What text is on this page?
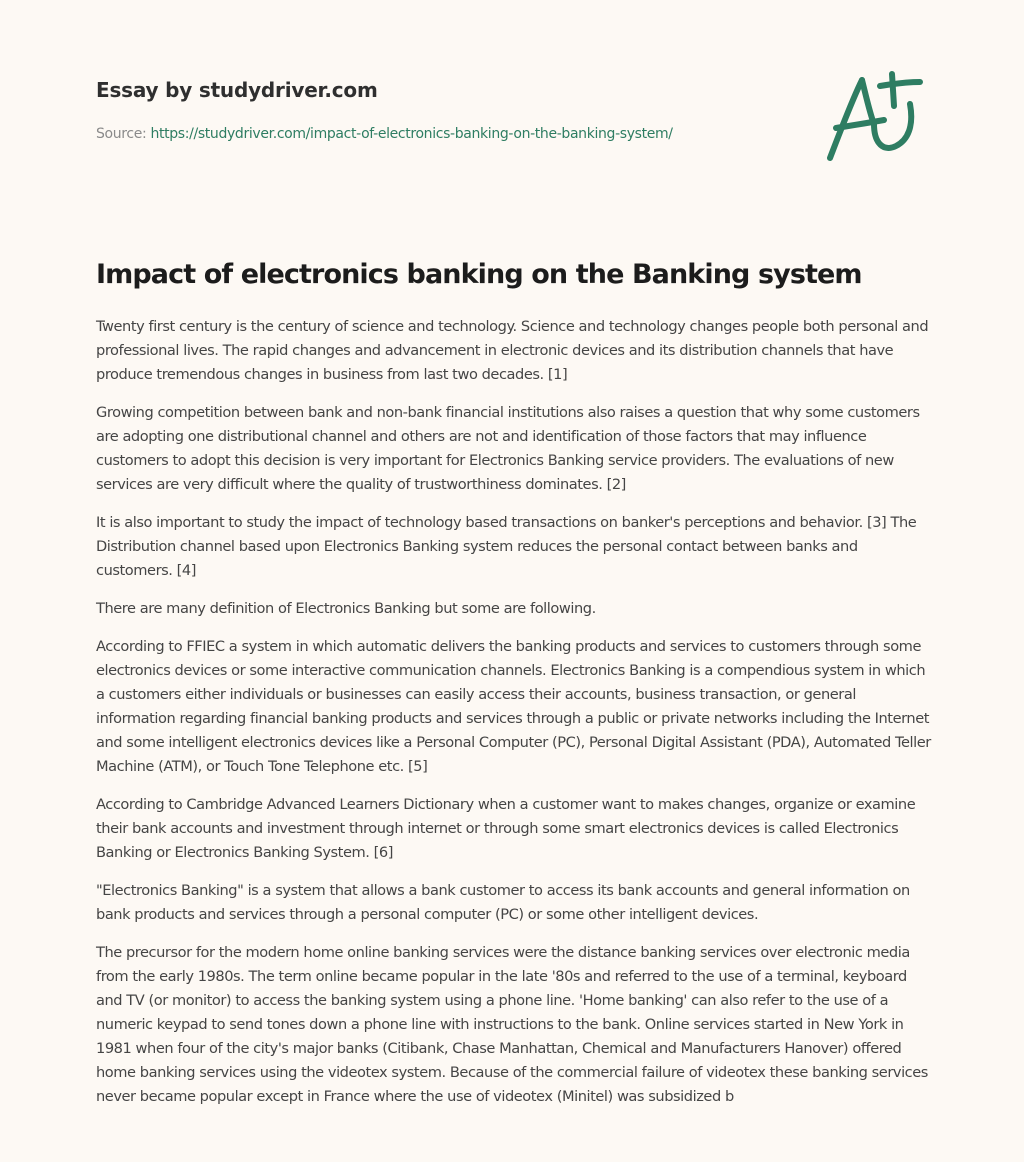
Essay by studydriver.com
Source: https://studydriver.com/impact-of-electronics-banking-on-the-banking-system/
Impact of electronics banking on the Banking system

Twenty first century is the century of science and technology. Science and technology changes people both personal and professional lives. The rapid changes and advancement in electronic devices and its distribution channels that have produce tremendous changes in business from last two decades. [1]

Growing competition between bank and non-bank financial institutions also raises a question that why some customers are adopting one distributional channel and others are not and identification of those factors that may influence customers to adopt this decision is very important for Electronics Banking service providers. The evaluations of new services are very difficult where the quality of trustworthiness dominates. [2]

It is also important to study the impact of technology based transactions on banker's perceptions and behavior. [3] The Distribution channel based upon Electronics Banking system reduces the personal contact between banks and customers. [4]

There are many definition of Electronics Banking but some are following.

According to FFIEC a system in which automatic delivers the banking products and services to customers through some electronics devices or some interactive communication channels. Electronics Banking is a compendious system in which a customers either individuals or businesses can easily access their accounts, business transaction, or general information regarding financial banking products and services through a public or private networks including the Internet and some intelligent electronics devices like a Personal Computer (PC), Personal Digital Assistant (PDA), Automated Teller Machine (ATM), or Touch Tone Telephone etc. [5]

According to Cambridge Advanced Learners Dictionary when a customer want to makes changes, organize or examine their bank accounts and investment through internet or through some smart electronics devices is called Electronics Banking or Electronics Banking System. [6]

"Electronics Banking" is a system that allows a bank customer to access its bank accounts and general information on bank products and services through a personal computer (PC) or some other intelligent devices.

The precursor for the modern home online banking services were the distance banking services over electronic media from the early 1980s. The term online became popular in the late '80s and referred to the use of a terminal, keyboard and TV (or monitor) to access the banking system using a phone line. 'Home banking' can also refer to the use of a numeric keypad to send tones down a phone line with instructions to the bank. Online services started in New York in 1981 when four of the city's major banks (Citibank, Chase Manhattan, Chemical and Manufacturers Hanover) offered home banking services using the videotex system. Because of the commercial failure of videotex these banking services never became popular except in France where the use of videotex (Minitel) was subsidized b
